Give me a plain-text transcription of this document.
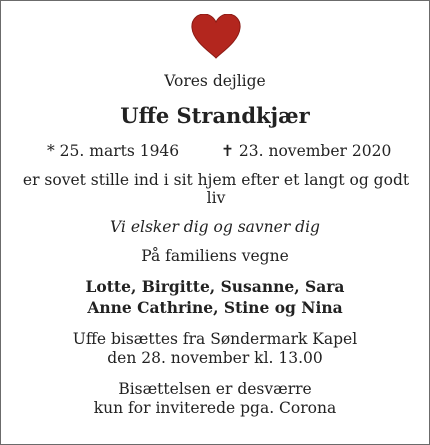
Vores dejlige
Uffe Strandkjær
* 25. marts 1946	✝ 23. november 2020
er sovet stille ind i sit hjem efter et langt og godt liv
Vi elsker dig og savner dig
På familiens vegne
Lotte, Birgitte, Susanne, Sara
Anne Cathrine, Stine og Nina
Uffe bisættes fra Søndermark Kapel
den 28. november kl. 13.00
Bisættelsen er desværre
kun for inviterede pga. Corona
